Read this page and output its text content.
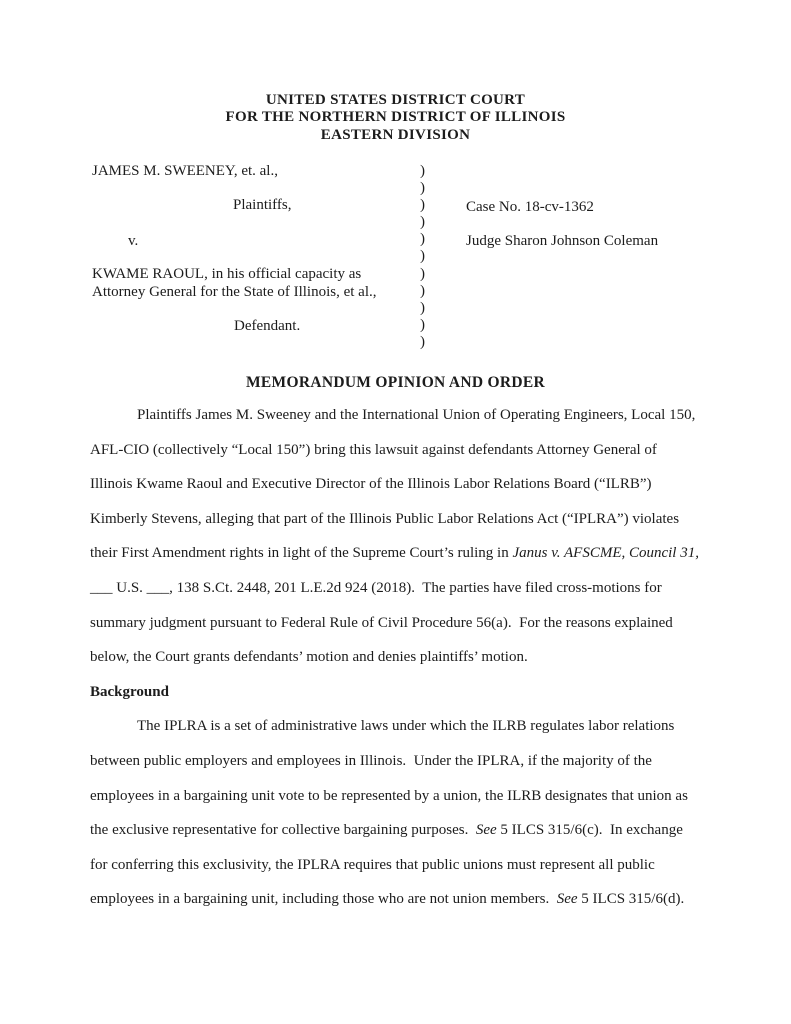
UNITED STATES DISTRICT COURT
FOR THE NORTHERN DISTRICT OF ILLINOIS
EASTERN DIVISION
JAMES M. SWEENEY, et. al.,
Plaintiffs,
v.
KWAME RAOUL, in his official capacity as
Attorney General for the State of Illinois, et al.,
Defendant.
)
)
)
)
)
)
)
)
)
)
)
Case No. 18-cv-1362
Judge Sharon Johnson Coleman
MEMORANDUM OPINION AND ORDER
Plaintiffs James M. Sweeney and the International Union of Operating Engineers, Local 150,
AFL-CIO (collectively “Local 150”) bring this lawsuit against defendants Attorney General of
Illinois Kwame Raoul and Executive Director of the Illinois Labor Relations Board (“ILRB”)
Kimberly Stevens, alleging that part of the Illinois Public Labor Relations Act (“IPLRA”) violates
their First Amendment rights in light of the Supreme Court’s ruling in Janus v. AFSCME, Council 31,
___ U.S. ___, 138 S.Ct. 2448, 201 L.E.2d 924 (2018).  The parties have filed cross-motions for
summary judgment pursuant to Federal Rule of Civil Procedure 56(a).  For the reasons explained
below, the Court grants defendants’ motion and denies plaintiffs’ motion.
Background
The IPLRA is a set of administrative laws under which the ILRB regulates labor relations
between public employers and employees in Illinois.  Under the IPLRA, if the majority of the
employees in a bargaining unit vote to be represented by a union, the ILRB designates that union as
the exclusive representative for collective bargaining purposes.  See 5 ILCS 315/6(c).  In exchange
for conferring this exclusivity, the IPLRA requires that public unions must represent all public
employees in a bargaining unit, including those who are not union members.  See 5 ILCS 315/6(d).
